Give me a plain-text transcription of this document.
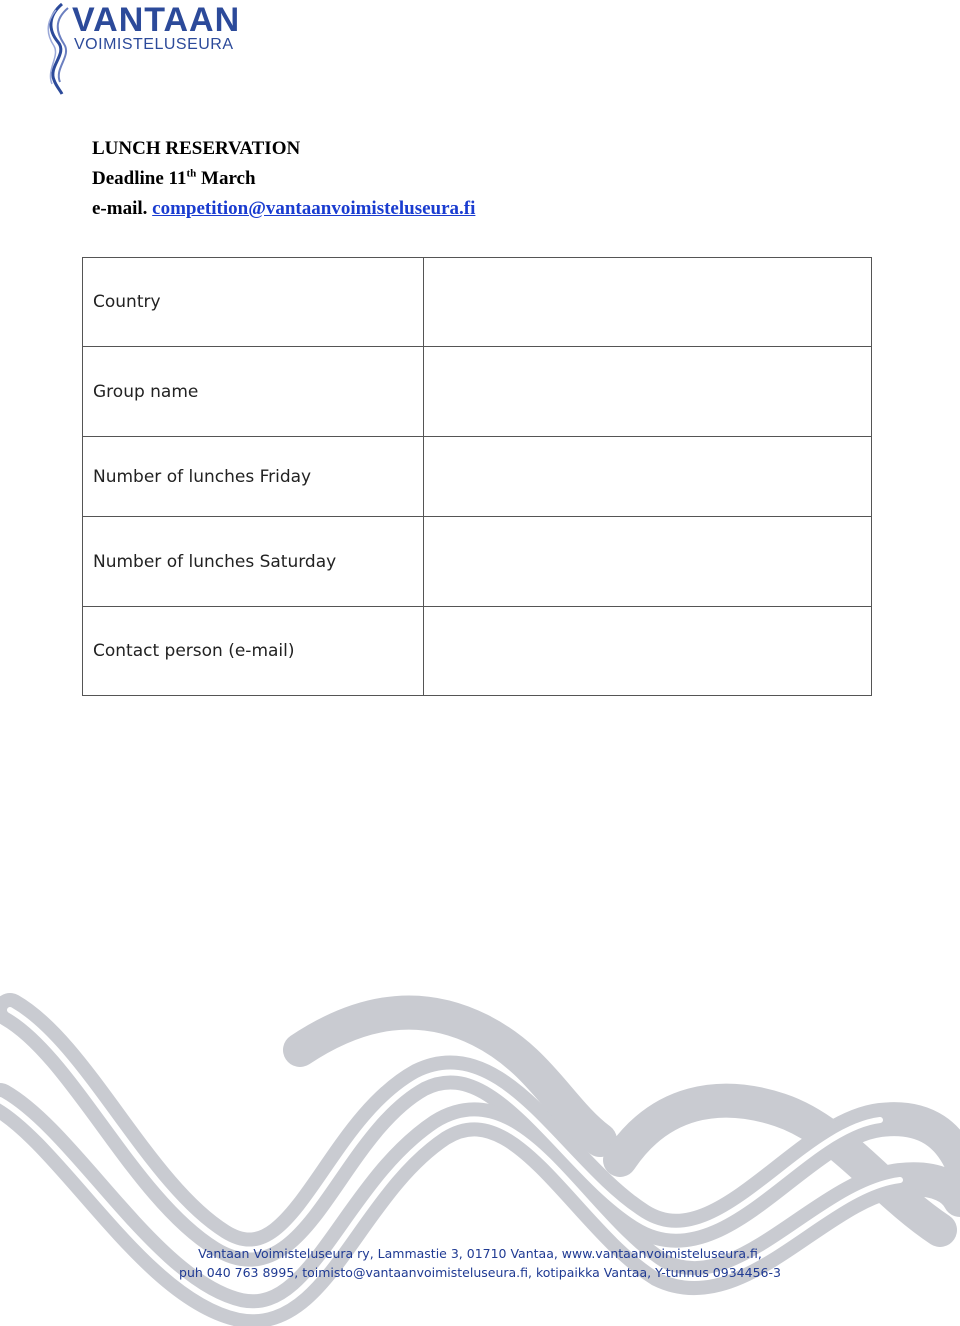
VANTAAN
VOIMISTELUSEURA
LUNCH RESERVATION
Deadline 11th March
e-mail. competition@vantaanvoimisteluseura.fi
Country	
Group name	
Number of lunches Friday	
Number of lunches Saturday	
Contact person (e-mail)	
Vantaan Voimisteluseura ry, Lammastie 3, 01710 Vantaa, www.vantaanvoimisteluseura.fi,
puh 040 763 8995, toimisto@vantaanvoimisteluseura.fi, kotipaikka Vantaa, Y-tunnus 0934456-3
